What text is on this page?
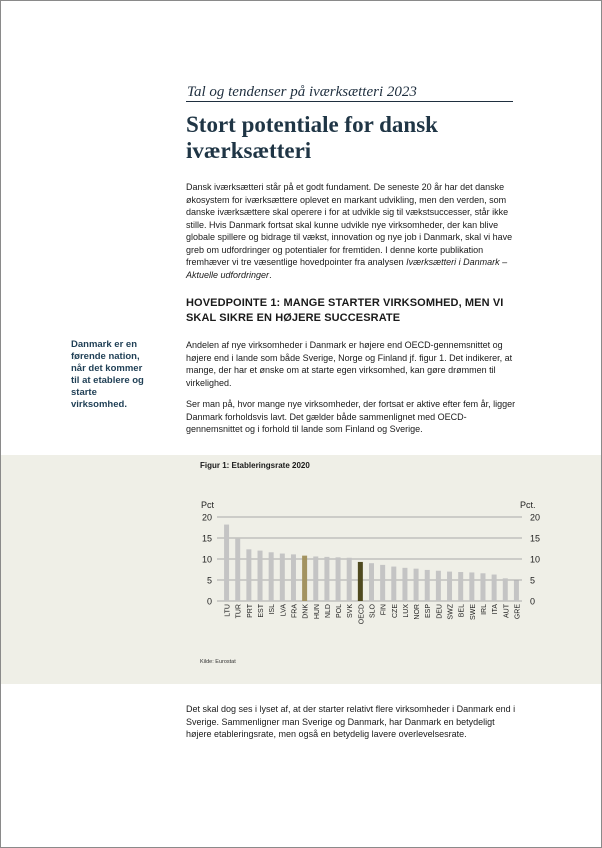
Tal og tendenser på iværksætteri 2023
Stort potentiale for dansk iværksætteri

Dansk iværksætteri står på et godt fundament. De seneste 20 år har det danske økosystem for iværksættere oplevet en markant udvikling, men den verden, som danske iværksættere skal operere i for at udvikle sig til vækstsuccesser, står ikke stille. Hvis Danmark fortsat skal kunne udvikle nye virksomheder, der kan blive globale spillere og bidrage til vækst, innovation og nye job i Danmark, skal vi have greb om udfordringer og potentialer for fremtiden. I denne korte publikation fremhæver vi tre væsentlige hovedpointer fra analysen Iværksætteri i Danmark – Aktuelle udfordringer.

HOVEDPOINTE 1: MANGE STARTER VIRKSOMHED, MEN VI SKAL SIKRE EN HØJERE SUCCESRATE

Danmark er en førende nation, når det kommer til at etablere og starte virksomhed.

Andelen af nye virksomheder i Danmark er højere end OECD-gennemsnittet og højere end i lande som både Sverige, Norge og Finland jf. figur 1. Det indikerer, at mange, der har et ønske om at starte egen virksomhed, kan gøre drømmen til virkelighed.

Ser man på, hvor mange nye virksomheder, der fortsat er aktive efter fem år, ligger Danmark forholdsvis lavt. Det gælder både sammenlignet med OECD-gennemsnittet og i forhold til lande som Finland og Sverige.

Figur 1: Etableringsrate 2020
0	0
5	5
10	10
15	15
20	20
Pct	Pct.
LTU TUR PRT EST ISL LVA FRA DNK HUN NLD POL SVK OECD SLO FIN CZE LUX NOR ESP DEU SWZ BEL SWE IRL ITA AUT GRE
Kilde: Eurostat

Det skal dog ses i lyset af, at der starter relativt flere virksomheder i Danmark end i Sverige. Sammenligner man Sverige og Danmark, har Danmark en betydeligt højere etableringsrate, men også en betydelig lavere overlevelsesrate.
